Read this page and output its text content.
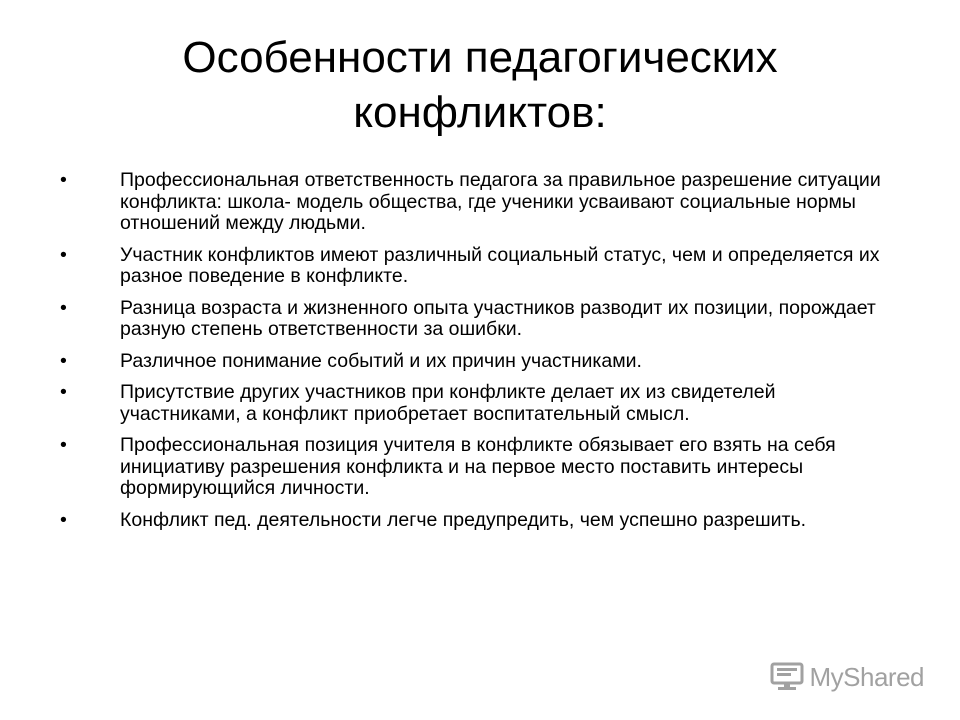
Особенности педагогических конфликтов:
•	Профессиональная ответственность педагога за правильное разрешение ситуации конфликта: школа- модель общества, где ученики усваивают социальные нормы отношений между людьми.
•	Участник конфликтов имеют различный социальный статус, чем и определяется их разное поведение в конфликте.
•	Разница возраста и жизненного опыта участников разводит их позиции, порождает разную степень ответственности за ошибки.
•	Различное понимание событий и их причин участниками.
•	Присутствие других участников при конфликте делает их из свидетелей участниками, а конфликт приобретает воспитательный смысл.
•	Профессиональная позиция учителя в конфликте обязывает его взять на себя инициативу разрешения конфликта и на первое место поставить интересы формирующийся личности.
•	Конфликт пед. деятельности легче предупредить, чем успешно разрешить.
MyShared
